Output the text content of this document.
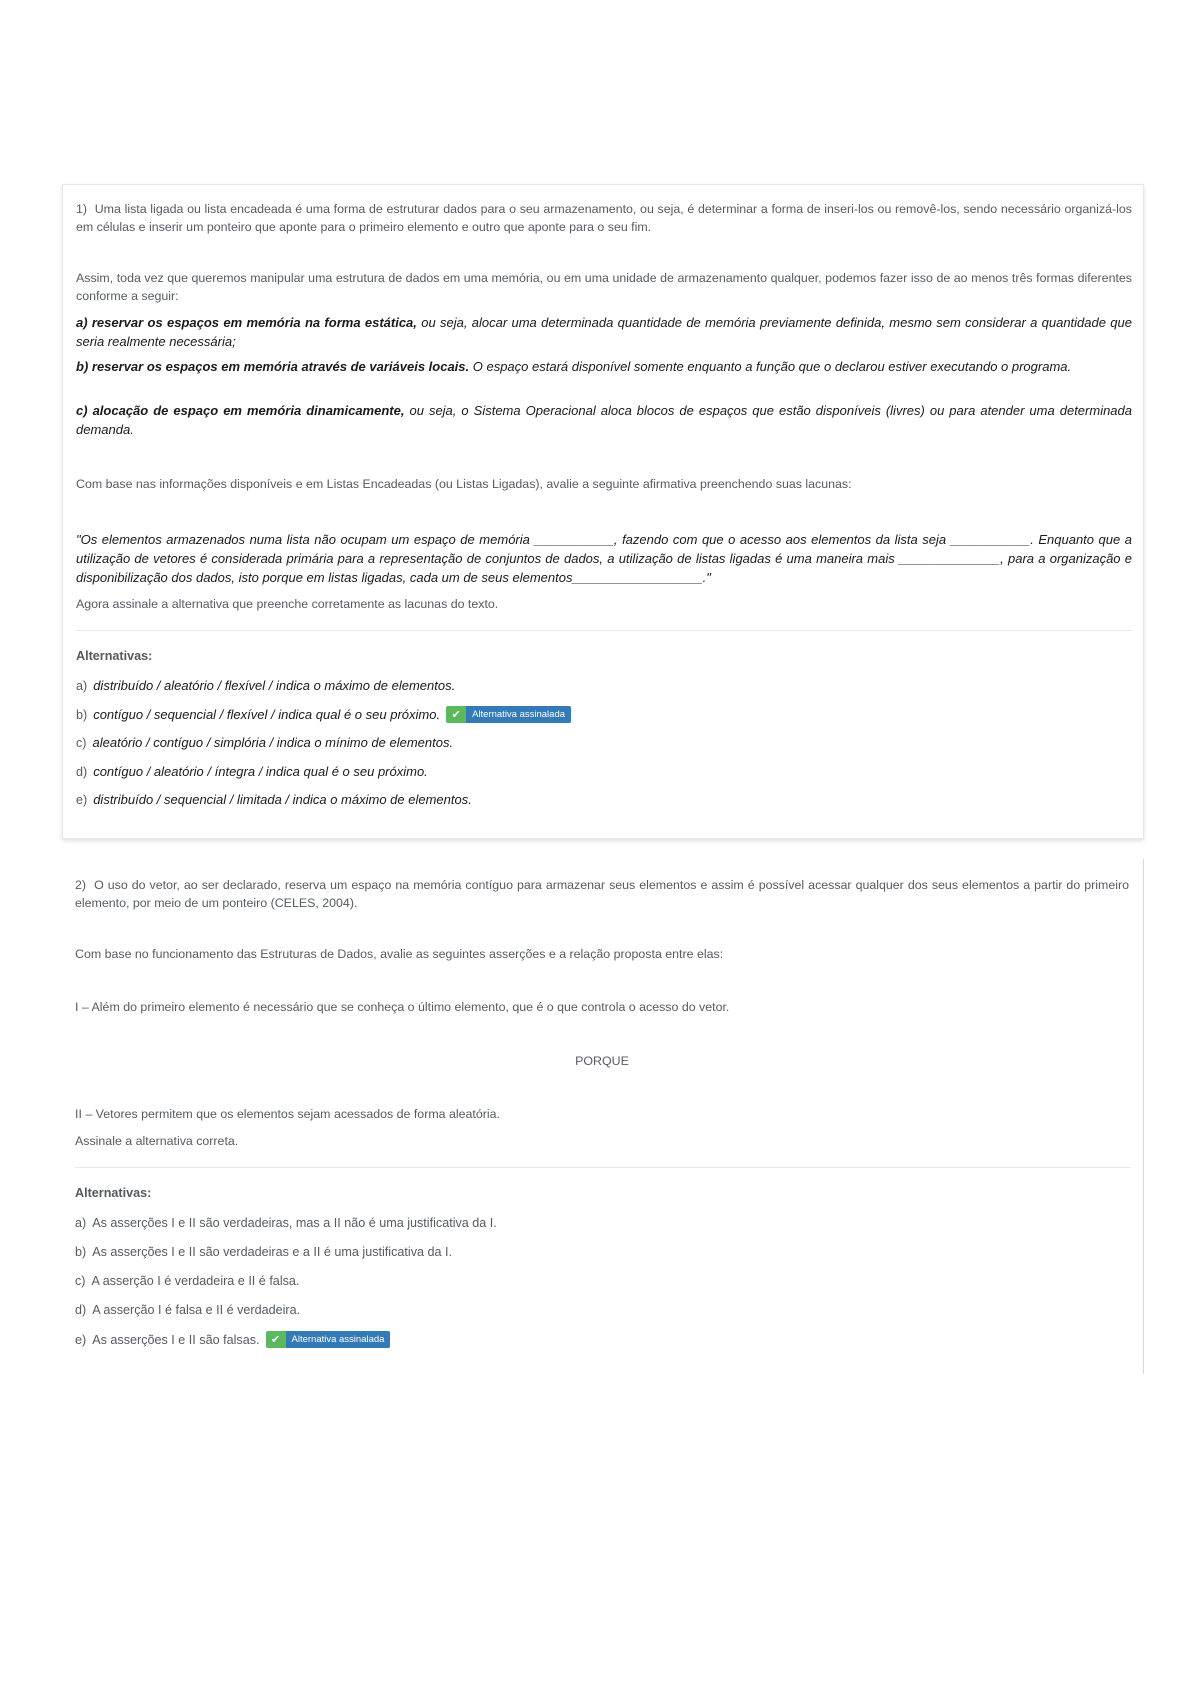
1) Uma lista ligada ou lista encadeada é uma forma de estruturar dados para o seu armazenamento, ou seja, é determinar a forma de inseri-los ou removê-los, sendo necessário organizá-los em células e inserir um ponteiro que aponte para o primeiro elemento e outro que aponte para o seu fim.

Assim, toda vez que queremos manipular uma estrutura de dados em uma memória, ou em uma unidade de armazenamento qualquer, podemos fazer isso de ao menos três formas diferentes conforme a seguir:

a) reservar os espaços em memória na forma estática, ou seja, alocar uma determinada quantidade de memória previamente definida, mesmo sem considerar a quantidade que seria realmente necessária;

b) reservar os espaços em memória através de variáveis locais. O espaço estará disponível somente enquanto a função que o declarou estiver executando o programa.

c) alocação de espaço em memória dinamicamente, ou seja, o Sistema Operacional aloca blocos de espaços que estão disponíveis (livres) ou para atender uma determinada demanda.

Com base nas informações disponíveis e em Listas Encadeadas (ou Listas Ligadas), avalie a seguinte afirmativa preenchendo suas lacunas:

"Os elementos armazenados numa lista não ocupam um espaço de memória ___________, fazendo com que o acesso aos elementos da lista seja ___________. Enquanto que a utilização de vetores é considerada primária para a representação de conjuntos de dados, a utilização de listas ligadas é uma maneira mais ______________, para a organização e disponibilização dos dados, isto porque em listas ligadas, cada um de seus elementos__________________."

Agora assinale a alternativa que preenche corretamente as lacunas do texto.

Alternativas:
a) distribuído / aleatório / flexível / indica o máximo de elementos.
b) contíguo / sequencial / flexível / indica qual é o seu próximo.	✔	Alternativa assinalada
c) aleatório / contíguo / simplória / indica o mínimo de elementos.
d) contíguo / aleatório / íntegra / indica qual é o seu próximo.
e) distribuído / sequencial / limitada / indica o máximo de elementos.

2) O uso do vetor, ao ser declarado, reserva um espaço na memória contíguo para armazenar seus elementos e assim é possível acessar qualquer dos seus elementos a partir do primeiro elemento, por meio de um ponteiro (CELES, 2004).

Com base no funcionamento das Estruturas de Dados, avalie as seguintes asserções e a relação proposta entre elas:

I – Além do primeiro elemento é necessário que se conheça o último elemento, que é o que controla o acesso do vetor.

PORQUE

II – Vetores permitem que os elementos sejam acessados de forma aleatória.

Assinale a alternativa correta.

Alternativas:
a) As asserções I e II são verdadeiras, mas a II não é uma justificativa da I.
b) As asserções I e II são verdadeiras e a II é uma justificativa da I.
c) A asserção I é verdadeira e II é falsa.
d) A asserção I é falsa e II é verdadeira.
e) As asserções I e II são falsas.	✔	Alternativa assinalada
